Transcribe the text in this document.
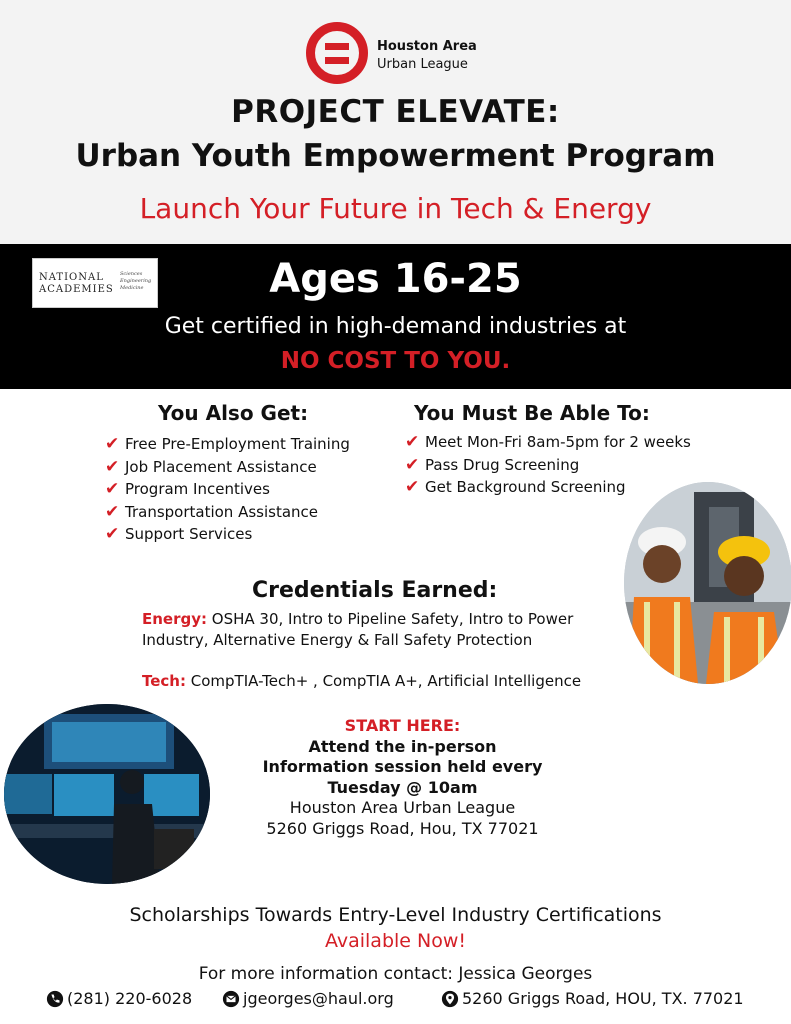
Houston Area
Urban League
PROJECT ELEVATE:
Urban Youth Empowerment Program
Launch Your Future in Tech & Energy
NATIONAL
ACADEMIES
Sciences
Engineering
Medicine	Ages 16-25
Get certified in high-demand industries at
NO COST TO YOU.
You Also Get:
✔ Free Pre-Employment Training
✔ Job Placement Assistance
✔ Program Incentives
✔ Transportation Assistance
✔ Support Services
You Must Be Able To:
✔ Meet Mon-Fri 8am-5pm for 2 weeks
✔ Pass Drug Screening
✔ Get Background Screening
Credentials Earned:
Energy: OSHA 30, Intro to Pipeline Safety, Intro to Power
Industry, Alternative Energy & Fall Safety Protection
Tech: CompTIA-Tech+ , CompTIA A+, Artificial Intelligence
START HERE:
Attend the in-person
Information session held every
Tuesday @ 10am
Houston Area Urban League
5260 Griggs Road, Hou, TX 77021
Scholarships Towards Entry-Level Industry Certifications
Available Now!
For more information contact: Jessica Georges
(281) 220-6028	jgeorges@haul.org	5260 Griggs Road, HOU, TX. 77021
